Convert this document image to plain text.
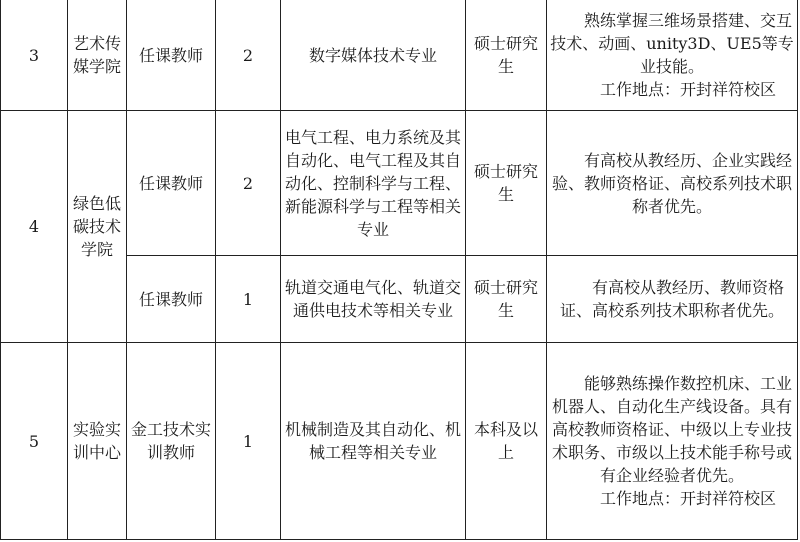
3	艺术传媒学院	任课教师	2	数字媒体技术专业	硕士研究生	熟练掌握三维场景搭建、交互技术、动画、unity3D、UE5等专业技能。
工作地点：开封祥符校区

4	绿色低碳技术学院	任课教师	2	电气工程、电力系统及其自动化、电气工程及其自动化、控制科学与工程、新能源科学与工程等相关专业	硕士研究生	有高校从教经历、企业实践经验、教师资格证、高校系列技术职称者优先。

		任课教师	1	轨道交通电气化、轨道交通供电技术等相关专业	硕士研究生	有高校从教经历、教师资格证、高校系列技术职称者优先。

5	实验实训中心	金工技术实训教师	1	机械制造及其自动化、机械工程等相关专业	本科及以上	能够熟练操作数控机床、工业机器人、自动化生产线设备。具有高校教师资格证、中级以上专业技术职务、市级以上技术能手称号或有企业经验者优先。
工作地点：开封祥符校区
